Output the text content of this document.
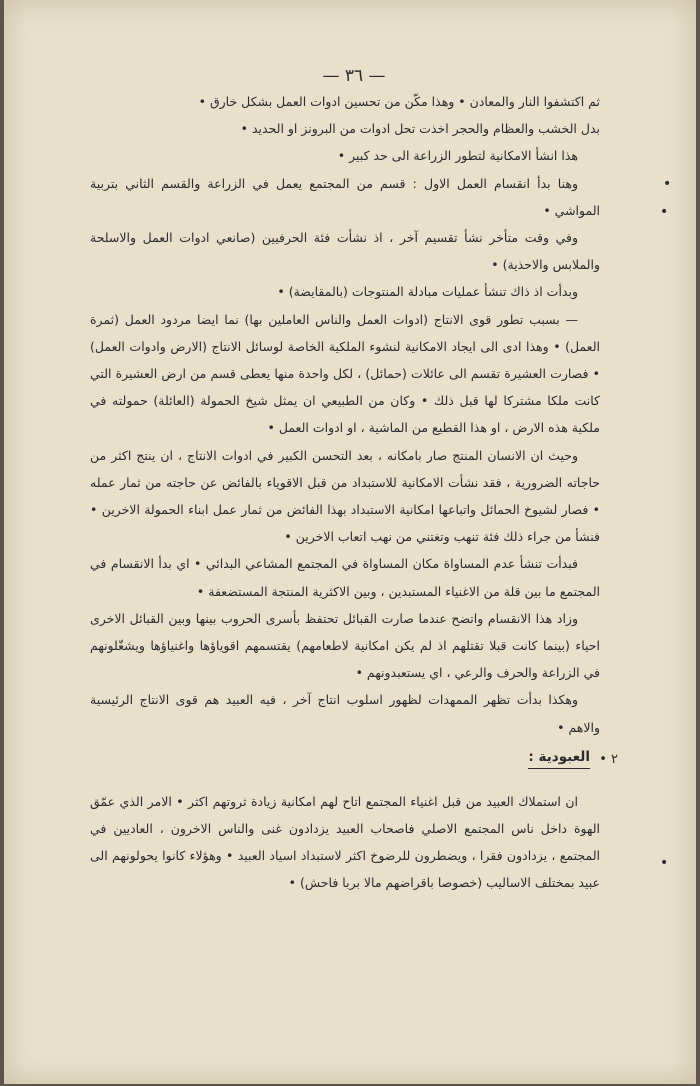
— ٣٦ —
•
•
•

ثم اكتشفوا النار والمعادن • وهذا مكّن من تحسين ادوات العمل بشكل خارق •

بدل الخشب والعظام والحجر اخذت تحل ادوات من البرونز او الحديد •

هذا انشأ الامكانية لتطور الزراعة الى حد كبير •

وهنا بدأ انقسام العمل الاول : قسم من المجتمع يعمل في الزراعة والقسم الثاني بتربية المواشي •

وفي وقت متأخر نشأ تقسيم آخر ، اذ نشأت فئة الحرفيين (صانعي ادوات العمل والاسلحة والملابس والاحذية) •

وبدأت اذ ذاك تنشأ عمليات مبادلة المنتوجات (بالمقايضة) •

— بسبب تطور قوى الانتاج (ادوات العمل والناس العاملين بها) نما ايضا مردود العمل (ثمرة العمل) • وهذا ادى الى ايجاد الامكانية لنشوء الملكية الخاصة لوسائل الانتاج (الارض وادوات العمل) • فصارت العشيرة تقسم الى عائلات (حمائل) ، لكل واحدة منها يعطى قسم من ارض العشيرة التي كانت ملكا مشتركا لها قبل ذلك • وكان من الطبيعي ان يمثل شيخ الحمولة (العائلة) حمولته في ملكية هذه الارض ، او هذا القطيع من الماشية ، او ادوات العمل •

وحيث ان الانسان المنتج صار بامكانه ، بعد التحسن الكبير في ادوات الانتاج ، ان ينتج اكثر من حاجاته الضرورية ، فقد نشأت الامكانية للاستبداد من قبل الاقوياء بالفائض عن حاجته من ثمار عمله • فصار لشيوخ الحمائل واتباعها امكانية الاستبداد بهذا الفائض من ثمار عمل ابناء الحمولة الاخرين • فنشأ من جراء ذلك فئة تنهب وتغتني من نهب اتعاب الاخرين •

فبدأت تنشأ عدم المساواة مكان المساواة في المجتمع المشاعي البدائي • اي بدأ الانقسام في المجتمع ما بين قلة من الاغنياء المستبدين ، وبين الاكثرية المنتجة المستضعفة •

وزاد هذا الانقسام واتضح عندما صارت القبائل تحتفظ بأسرى الحروب بينها وبين القبائل الاخرى احياء (بينما كانت قبلا تقتلهم اذ لم يكن امكانية لاطعامهم) يقتسمهم اقوياؤها واغنياؤها ويشغّلونهم في الزراعة والحرف والرعي ، اي يستعبدونهم •

وهكذا بدأت تظهر الممهدات لظهور اسلوب انتاج آخر ، فيه العبيد هم قوى الانتاج الرئيسية والاهم •

٢ •
العبودية :

ان استملاك العبيد من قبل اغنياء المجتمع اتاح لهم امكانية زيادة ثروتهم اكثر • الامر الذي عمّق الهوة داخل ناس المجتمع الاصلي فاصحاب العبيد يزدادون غنى والناس الاخرون ، العاديين في المجتمع ، يزدادون فقرا ، ويضطرون للرضوخ اكثر لاستبداد اسياد العبيد • وهؤلاء كانوا يحولونهم الى عبيد بمختلف الاساليب (خصوصا باقراضهم مالا بربا فاحش) •
